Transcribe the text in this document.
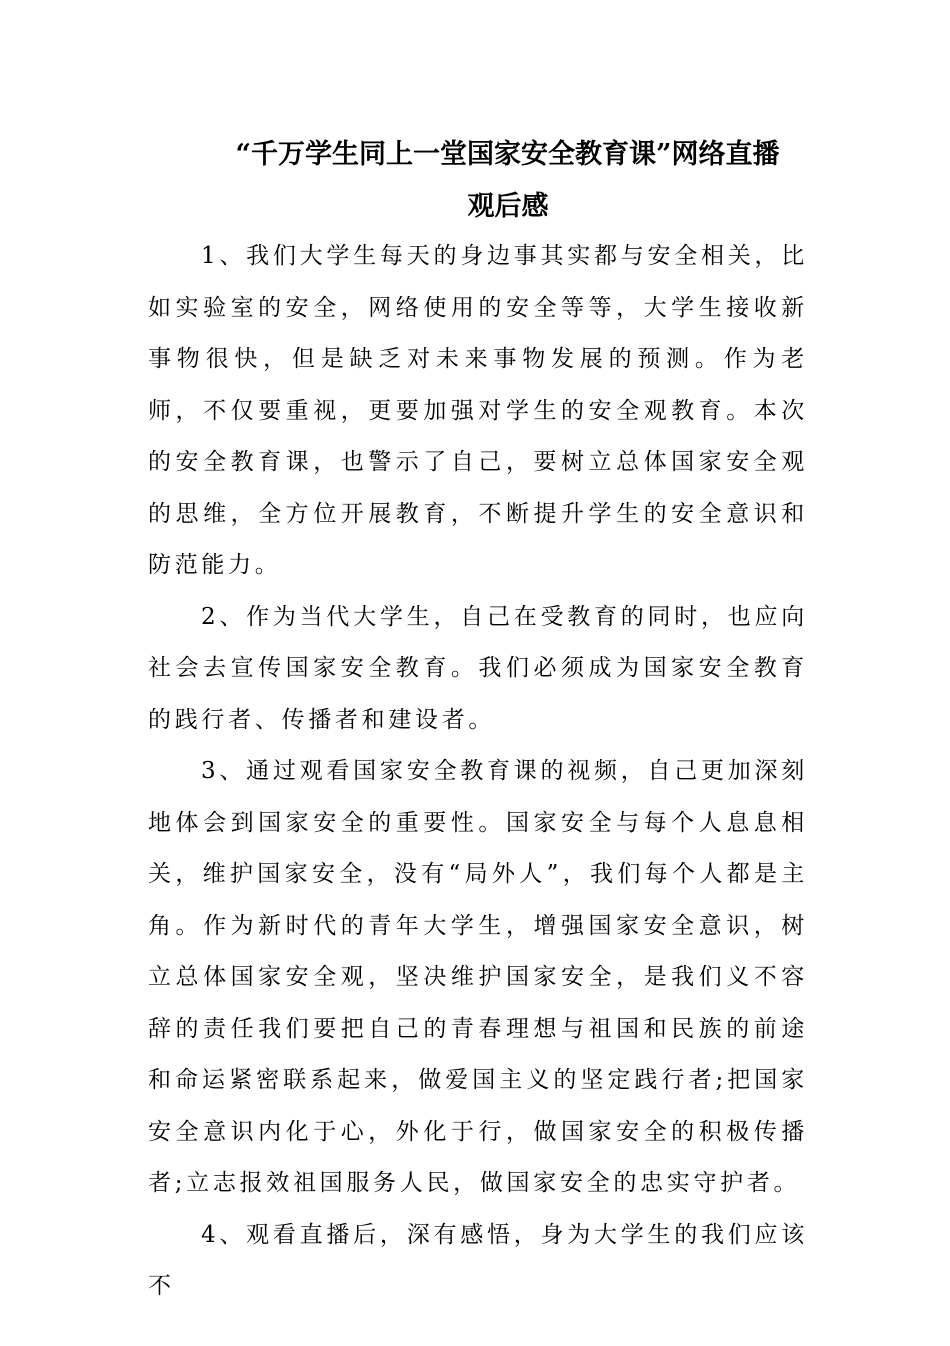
“千万学生同上一堂国家安全教育课”网络直播
观后感

1、我们大学生每天的身边事其实都与安全相关，比如实验室的安全，网络使用的安全等等，大学生接收新事物很快，但是缺乏对未来事物发展的预测。作为老师，不仅要重视，更要加强对学生的安全观教育。本次的安全教育课，也警示了自己，要树立总体国家安全观的思维，全方位开展教育，不断提升学生的安全意识和防范能力。

2、作为当代大学生，自己在受教育的同时，也应向社会去宣传国家安全教育。我们必须成为国家安全教育的践行者、传播者和建设者。

3、通过观看国家安全教育课的视频，自己更加深刻地体会到国家安全的重要性。国家安全与每个人息息相关，维护国家安全，没有“局外人”，我们每个人都是主角。作为新时代的青年大学生，增强国家安全意识，树立总体国家安全观，坚决维护国家安全，是我们义不容辞的责任我们要把自己的青春理想与祖国和民族的前途和命运紧密联系起来，做爱国主义的坚定践行者;把国家安全意识内化于心，外化于行，做国家安全的积极传播者;立志报效祖国服务人民，做国家安全的忠实守护者。

4、观看直播后，深有感悟，身为大学生的我们应该不
